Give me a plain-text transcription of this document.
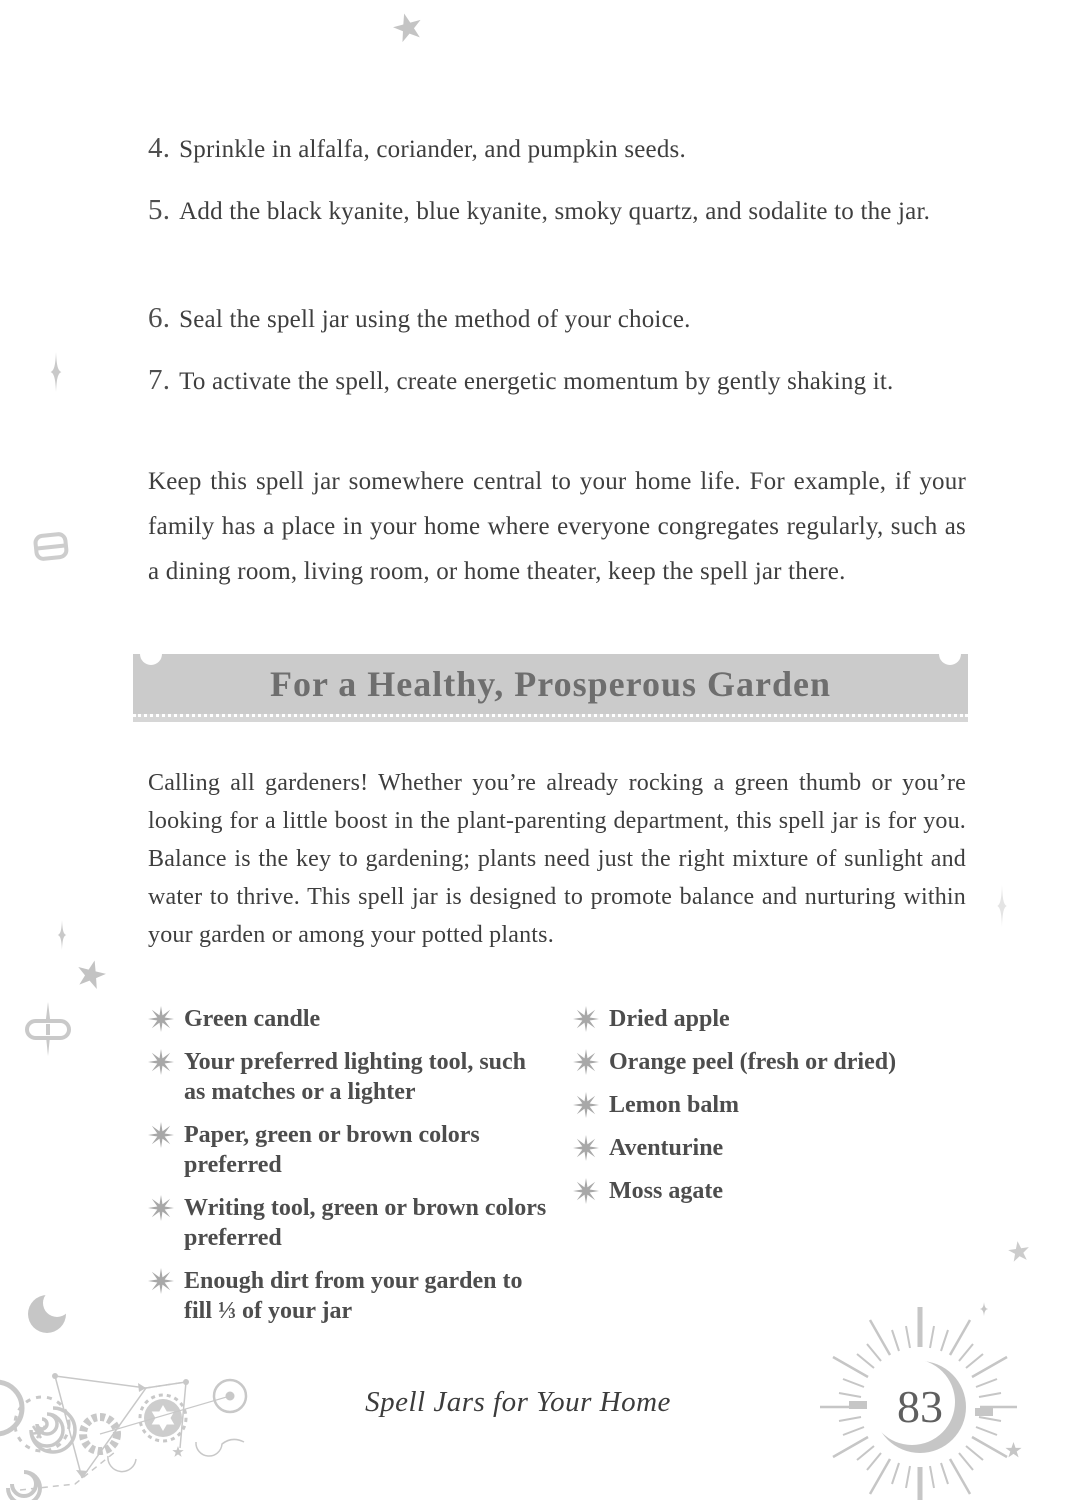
4. Sprinkle in alfalfa, coriander, and pumpkin seeds.

5. Add the black kyanite, blue kyanite, smoky quartz, and sodalite to the jar.

6. Seal the spell jar using the method of your choice.

7. To activate the spell, create energetic momentum by gently shaking it.

Keep this spell jar somewhere central to your home life. For example, if your family has a place in your home where everyone congregates regularly, such as a dining room, living room, or home theater, keep the spell jar there.

For a Healthy, Prosperous Garden

Calling all gardeners! Whether you’re already rocking a green thumb or you’re looking for a little boost in the plant-parenting department, this spell jar is for you. Balance is the key to gardening; plants need just the right mixture of sunlight and water to thrive. This spell jar is designed to promote balance and nurturing within your garden or among your potted plants.

Green candle
Your preferred lighting tool, such as matches or a lighter
Paper, green or brown colors preferred
Writing tool, green or brown colors preferred
Enough dirt from your garden to fill ⅓ of your jar
Dried apple
Orange peel (fresh or dried)
Lemon balm
Aventurine
Moss agate
83
Spell Jars for Your Home
